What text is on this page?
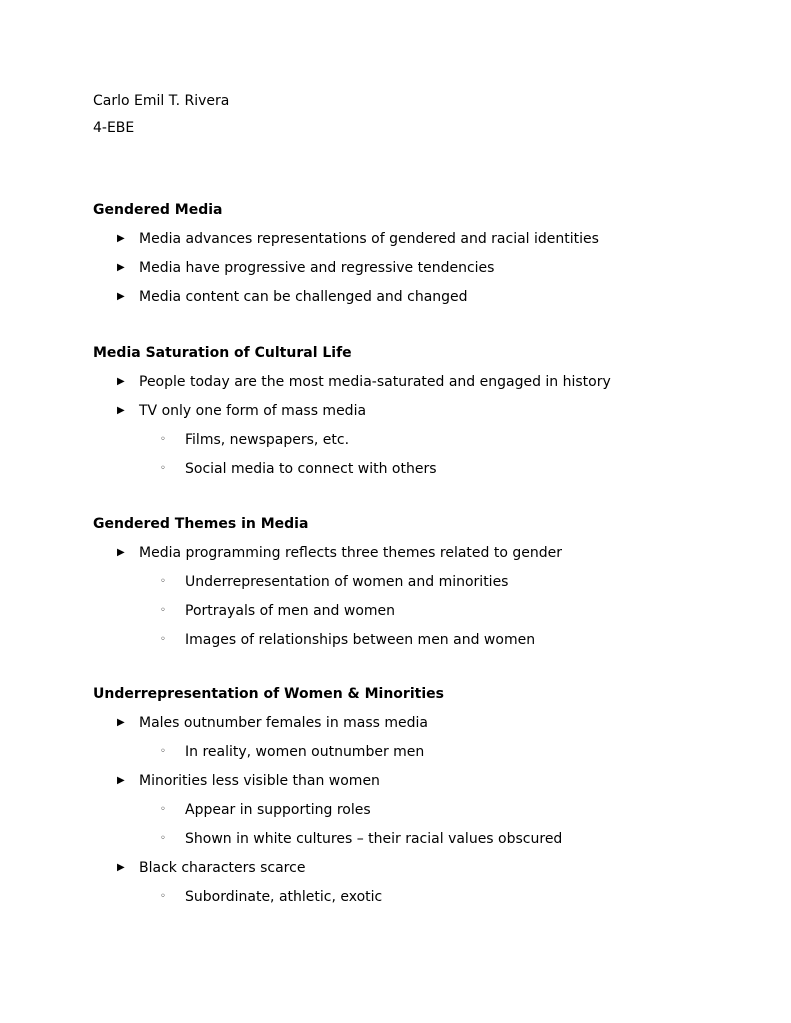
Carlo Emil T. Rivera
4-EBE
Gendered Media
▶ Media advances representations of gendered and racial identities
▶ Media have progressive and regressive tendencies
▶ Media content can be challenged and changed
Media Saturation of Cultural Life
▶ People today are the most media-saturated and engaged in history
▶ TV only one form of mass media
◦ Films, newspapers, etc.
◦ Social media to connect with others
Gendered Themes in Media
▶ Media programming reflects three themes related to gender
◦ Underrepresentation of women and minorities
◦ Portrayals of men and women
◦ Images of relationships between men and women
Underrepresentation of Women & Minorities
▶ Males outnumber females in mass media
◦ In reality, women outnumber men
▶ Minorities less visible than women
◦ Appear in supporting roles
◦ Shown in white cultures – their racial values obscured
▶ Black characters scarce
◦ Subordinate, athletic, exotic
